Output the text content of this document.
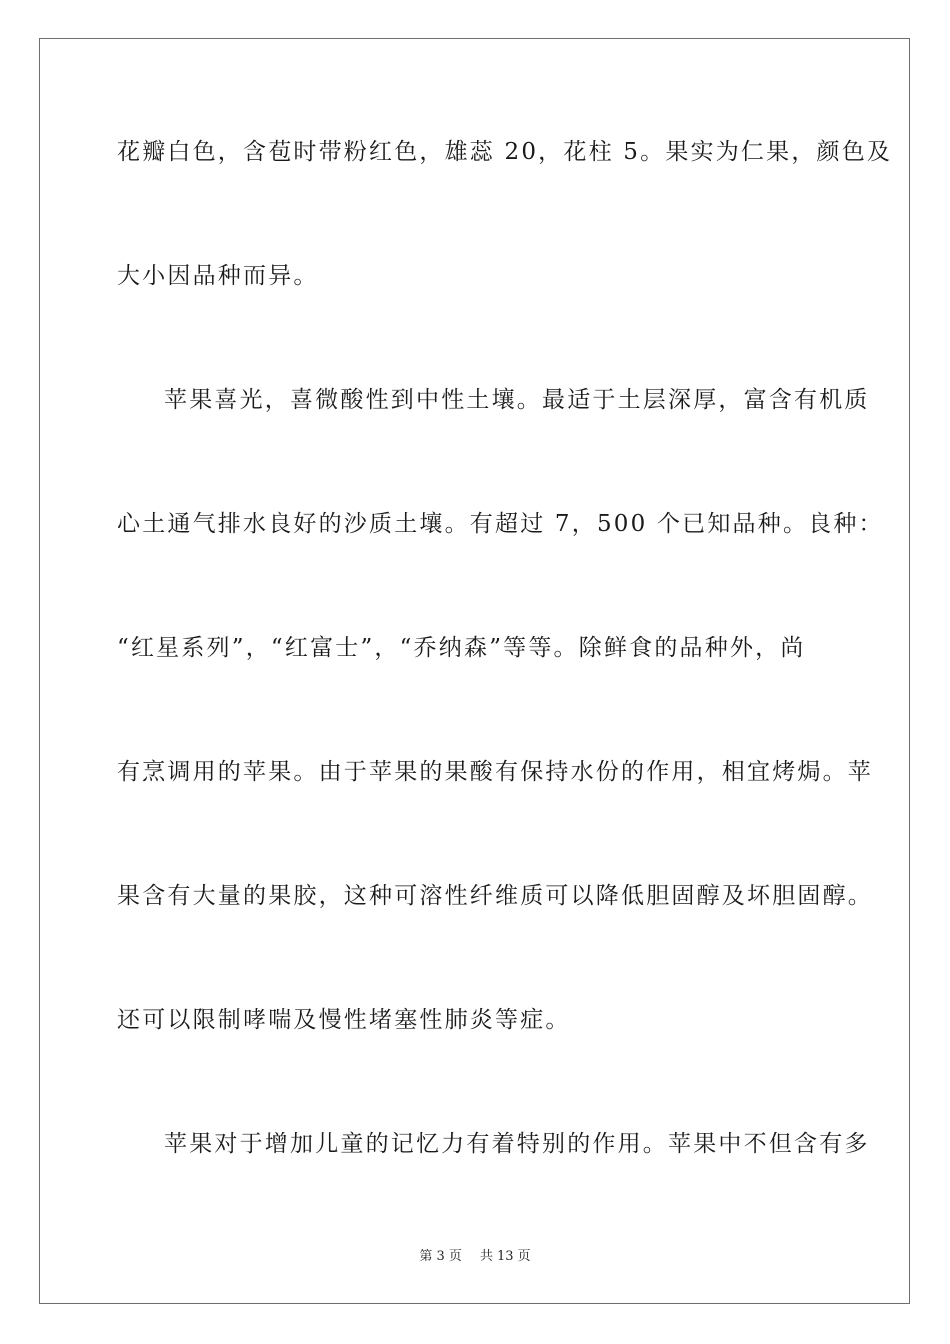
花瓣白色，含苞时带粉红色，雄蕊 20，花柱 5。果实为仁果，颜色及
大小因品种而异。
苹果喜光，喜微酸性到中性土壤。最适于土层深厚，富含有机质
心土通气排水良好的沙质土壤。有超过 7，500 个已知品种。良种：
“红星系列”，“红富士”，“乔纳森”等等。除鲜食的品种外，尚
有烹调用的苹果。由于苹果的果酸有保持水份的作用，相宜烤焗。苹
果含有大量的果胶，这种可溶性纤维质可以降低胆固醇及坏胆固醇。
还可以限制哮喘及慢性堵塞性肺炎等症。
苹果对于增加儿童的记忆力有着特别的作用。苹果中不但含有多
第 3 页 共 13 页
